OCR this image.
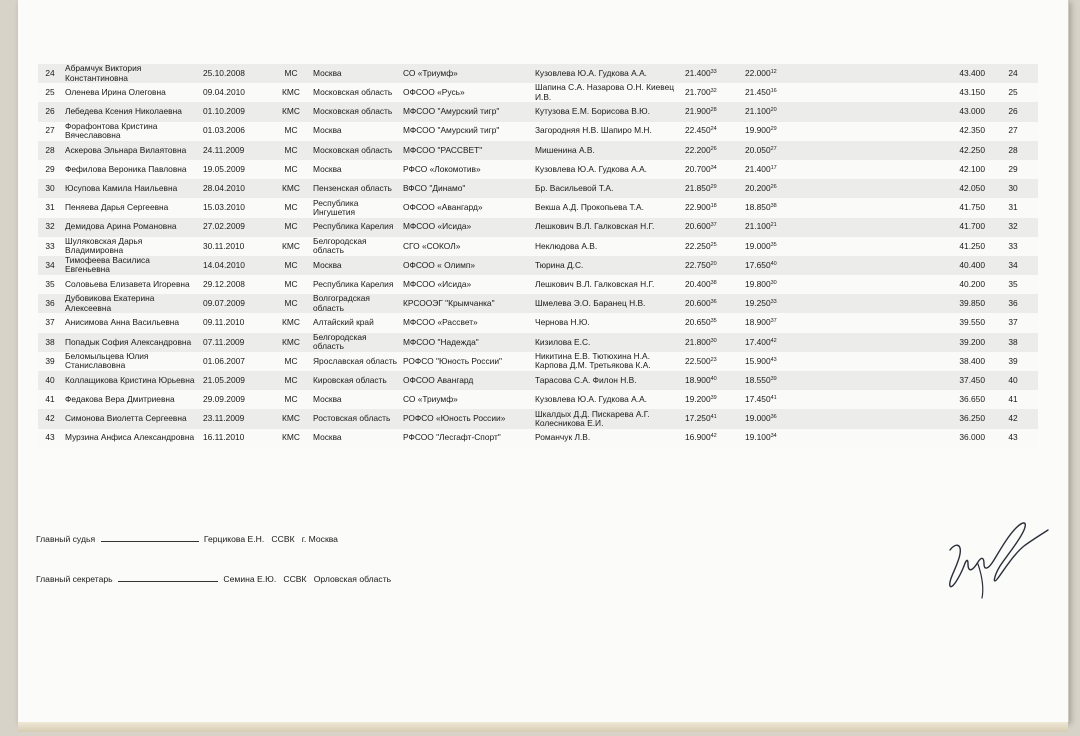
24	Абрамчук Виктория Константиновна	25.10.2008	МС	Москва	СО «Триумф»	Кузовлева Ю.А. Гудкова А.А.	21.400$^{33}$	22.000$^{12}$	43.400	24
25	Оленева Ирина Олеговна	09.04.2010	КМС	Московская область	ОФСОО «Русь»	Шапина С.А. Назарова О.Н. Киевец И.В.	21.700$^{32}$	21.450$^{16}$	43.150	25
26	Лебедева Ксения Николаевна	01.10.2009	КМС	Московская область	МФСОО "Амурский тигр"	Кутузова Е.М. Борисова В.Ю.	21.900$^{28}$	21.100$^{20}$	43.000	26
27	Форафонтова Кристина Вячеславовна	01.03.2006	МС	Москва	МФСОО "Амурский тигр"	Загородняя Н.В. Шапиро М.Н.	22.450$^{24}$	19.900$^{29}$	42.350	27
28	Аскерова Эльнара Вилаятовна	24.11.2009	МС	Московская область	МФСОО "РАССВЕТ"	Мишенина А.В.	22.200$^{26}$	20.050$^{27}$	42.250	28
29	Фефилова Вероника Павловна	19.05.2009	МС	Москва	РФСО «Локомотив»	Кузовлева Ю.А. Гудкова А.А.	20.700$^{34}$	21.400$^{17}$	42.100	29
30	Юсупова Камила Наильевна	28.04.2010	КМС	Пензенская область	ВФСО "Динамо"	Бр. Васильевой Т.А.	21.850$^{29}$	20.200$^{26}$	42.050	30
31	Пеняева Дарья Сергеевна	15.03.2010	МС	Республика Ингушетия	ОФСОО «Авангард»	Векша А.Д. Прокопьева Т.А.	22.900$^{18}$	18.850$^{38}$	41.750	31
32	Демидова Арина Романовна	27.02.2009	МС	Республика Карелия	МФСОО «Исида»	Лешкович В.Л. Галковская Н.Г.	20.600$^{37}$	21.100$^{21}$	41.700	32
33	Шуляковская Дарья Владимировна	30.11.2010	КМС	Белгородская область	СГО «СОКОЛ»	Неклюдова А.В.	22.250$^{25}$	19.000$^{35}$	41.250	33
34	Тимофеева Василиса Евгеньевна	14.04.2010	МС	Москва	ОФСОО « Олимп»	Тюрина Д.С.	22.750$^{20}$	17.650$^{40}$	40.400	34
35	Соловьева Елизавета Игоревна	29.12.2008	МС	Республика Карелия	МФСОО «Исида»	Лешкович В.Л. Галковская Н.Г.	20.400$^{38}$	19.800$^{30}$	40.200	35
36	Дубовикова Екатерина Алексеевна	09.07.2009	МС	Волгоградская область	КРСООЭГ "Крымчанка"	Шмелева Э.О. Баранец Н.В.	20.600$^{36}$	19.250$^{33}$	39.850	36
37	Анисимова Анна Васильевна	09.11.2010	КМС	Алтайский край	МФСОО «Рассвет»	Чернова Н.Ю.	20.650$^{35}$	18.900$^{37}$	39.550	37
38	Попадык София Александровна	07.11.2009	КМС	Белгородская область	МФСОО "Надежда"	Кизилова Е.С.	21.800$^{30}$	17.400$^{42}$	39.200	38
39	Беломыльцева Юлия Станиславовна	01.06.2007	МС	Ярославская область	РОФСО "Юность России"	Никитина Е.В. Тютюхина Н.А. Карпова Д.М. Третьякова К.А.	22.500$^{23}$	15.900$^{43}$	38.400	39
40	Коллащикова Кристина Юрьевна	21.05.2009	МС	Кировская область	ОФСОО Авангард	Тарасова С.А. Филон Н.В.	18.900$^{40}$	18.550$^{39}$	37.450	40
41	Федакова Вера Дмитриевна	29.09.2009	МС	Москва	СО «Триумф»	Кузовлева Ю.А. Гудкова А.А.	19.200$^{39}$	17.450$^{41}$	36.650	41
42	Симонова Виолетта Сергеевна	23.11.2009	КМС	Ростовская область	РОФСО «Юность России»	Шкалдых Д.Д. Пискарева А.Г. Колесникова Е.И.	17.250$^{41}$	19.000$^{36}$	36.250	42
43	Мурзина Анфиса Александровна	16.11.2010	КМС	Москва	РФСОО "Лесгафт-Спорт"	Романчук Л.В.	16.900$^{42}$	19.100$^{34}$	36.000	43
Главный судья	Герцикова Е.Н. ССВК г. Москва
Главный секретарь	Семина Е.Ю. ССВК Орловская область
